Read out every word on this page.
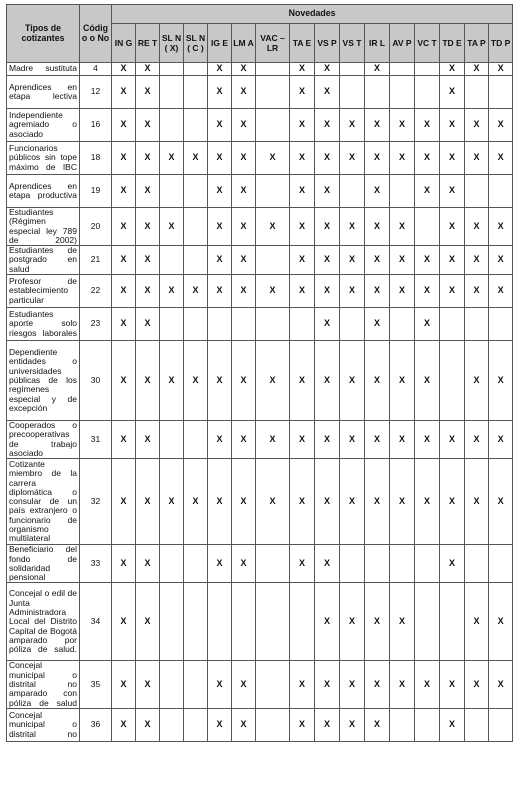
Tipos de cotizantes	Códig o o No	Novedades															
		IN G	RE T	SL N ( X)	SL N ( C )	IG E	LM A	VAC –LR	TA E	VS P	VS T	IR L	AV P	VC T	TD E	TA P	TD P
Madre sustituta	4	X	X			X	X		X	X		X			X	X	X
Aprendices en etapa lectiva	12	X	X			X	X		X	X					X		
Independiente agremiado o asociado	16	X	X			X	X		X	X	X	X	X	X	X	X	X
Funcionarios públicos sin tope máximo de IBC	18	X	X	X	X	X	X	X	X	X	X	X	X	X	X	X	X
Aprendices en etapa productiva	19	X	X			X	X		X	X		X		X	X		
Estudiantes (Régimen especial ley 789 de 2002)	20	X	X	X		X	X	X	X	X	X	X	X		X	X	X
Estudiantes de postgrado en salud	21	X	X			X	X		X	X	X	X	X	X	X	X	X
Profesor de establecimiento particular	22	X	X	X	X	X	X	X	X	X	X	X	X	X	X	X	X
Estudiantes aporte solo riesgos laborales	23	X	X							X		X		X			
Dependiente entidades o universidades públicas de los regímenes especial y de excepción	30	X	X	X	X	X	X	X	X	X	X	X	X	X		X	X
Cooperados o precooperativas de trabajo asociado	31	X	X			X	X	X	X	X	X	X	X	X	X	X	X
Cotizante miembro de la carrera diplomática o consular de un país extranjero o funcionario de organismo multilateral	32	X	X	X	X	X	X	X	X	X	X	X	X	X	X	X	X
Beneficiario del fondo de solidaridad pensional	33	X	X			X	X		X	X					X		
Concejal o edil de Junta Administradora Local del Distrito Capital de Bogotá amparado por póliza de salud.	34	X	X							X	X	X	X			X	X
Concejal municipal o distrital no amparado con póliza de salud	35	X	X			X	X		X	X	X	X	X	X	X	X	X
Concejal municipal o distrital no	36	X	X			X	X		X	X	X	X			X		
